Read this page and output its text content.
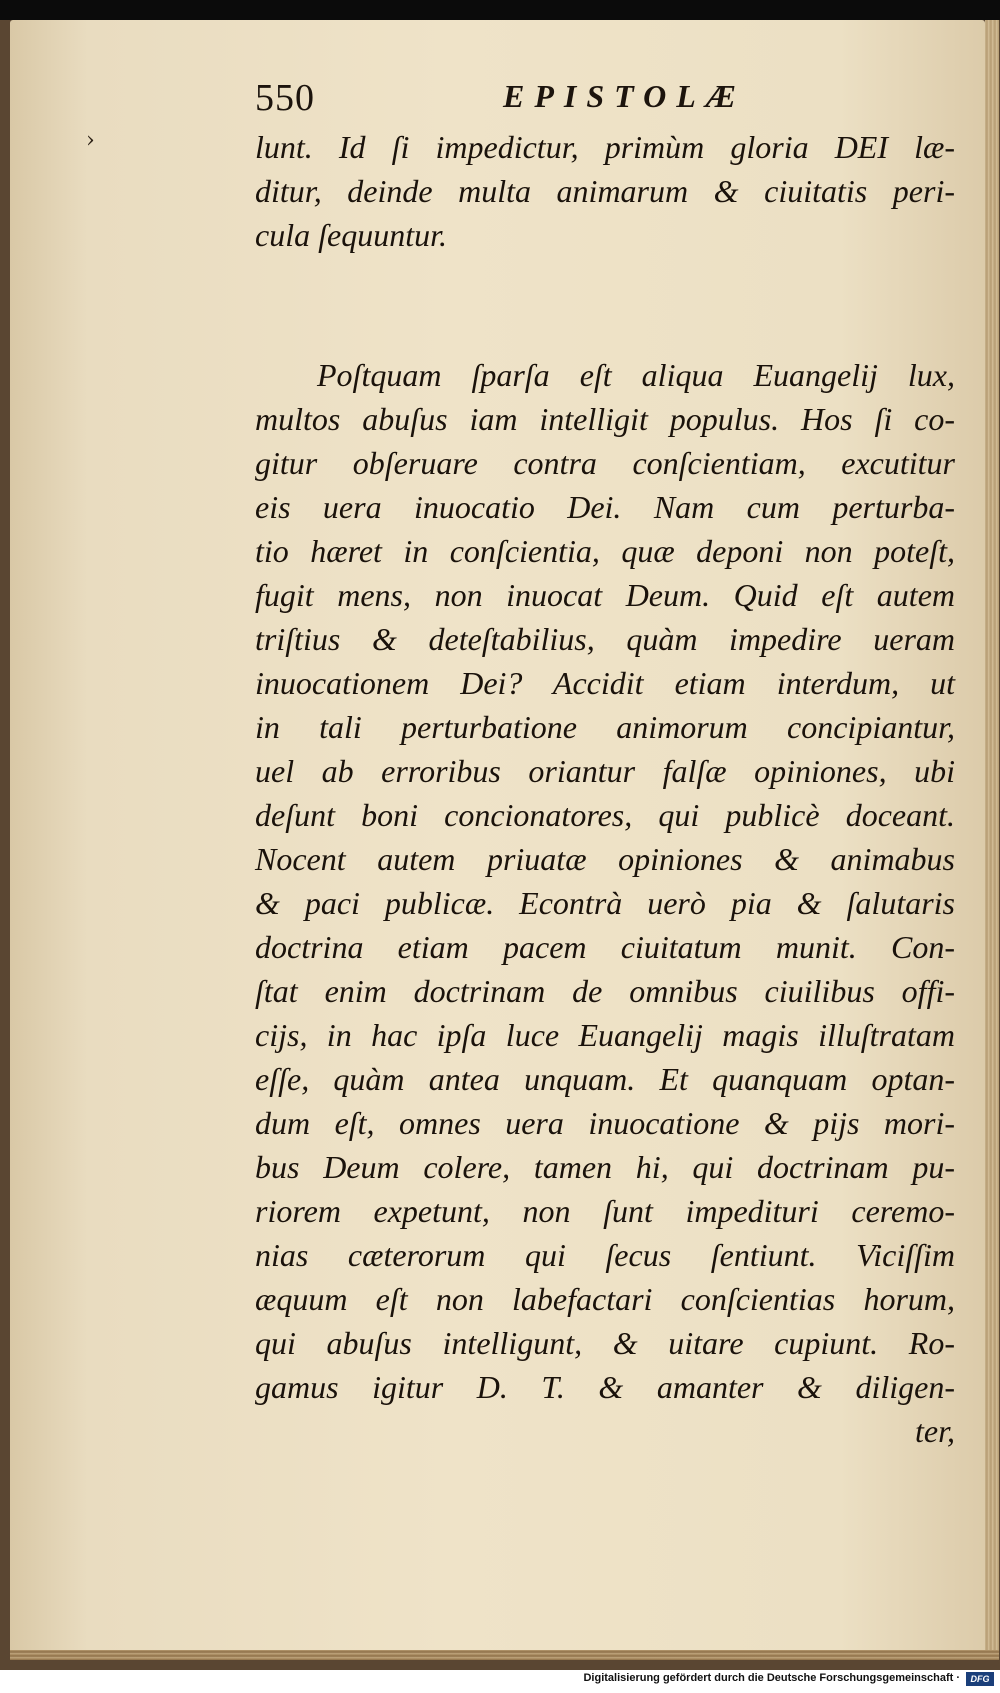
›
550	EPISTOLÆ
lunt. Id ſi impedictur, primùm gloria DEI læ-
ditur, deinde multa animarum & ciuitatis peri-
cula ſequuntur.
Poſtquam ſparſa eſt aliqua Euangelij lux,
multos abuſus iam intelligit populus. Hos ſi co-
gitur obſeruare contra conſcientiam, excutitur
eis uera inuocatio Dei. Nam cum perturba-
tio hæret in conſcientia, quæ deponi non poteſt,
fugit mens, non inuocat Deum. Quid eſt autem
triſtius & deteſtabilius, quàm impedire ueram
inuocationem Dei? Accidit etiam interdum, ut
in tali perturbatione animorum concipiantur,
uel ab erroribus oriantur falſæ opiniones, ubi
deſunt boni concionatores, qui publicè doceant.
Nocent autem priuatæ opiniones & animabus
& paci publicæ. Econtrà uerò pia & ſalutaris
doctrina etiam pacem ciuitatum munit. Con-
ſtat enim doctrinam de omnibus ciuilibus offi-
cijs, in hac ipſa luce Euangelij magis illuſtratam
eſſe, quàm antea unquam. Et quanquam optan-
dum eſt, omnes uera inuocatione & pijs mori-
bus Deum colere, tamen hi, qui doctrinam pu-
riorem expetunt, non ſunt impedituri ceremo-
nias cæterorum qui ſecus ſentiunt. Viciſſim
æquum eſt non labefactari conſcientias horum,
qui abuſus intelligunt, & uitare cupiunt. Ro-
gamus igitur D. T. & amanter & diligen-
ter,
Digitalisierung gefördert durch die Deutsche Forschungsgemeinschaft ·	DFG
